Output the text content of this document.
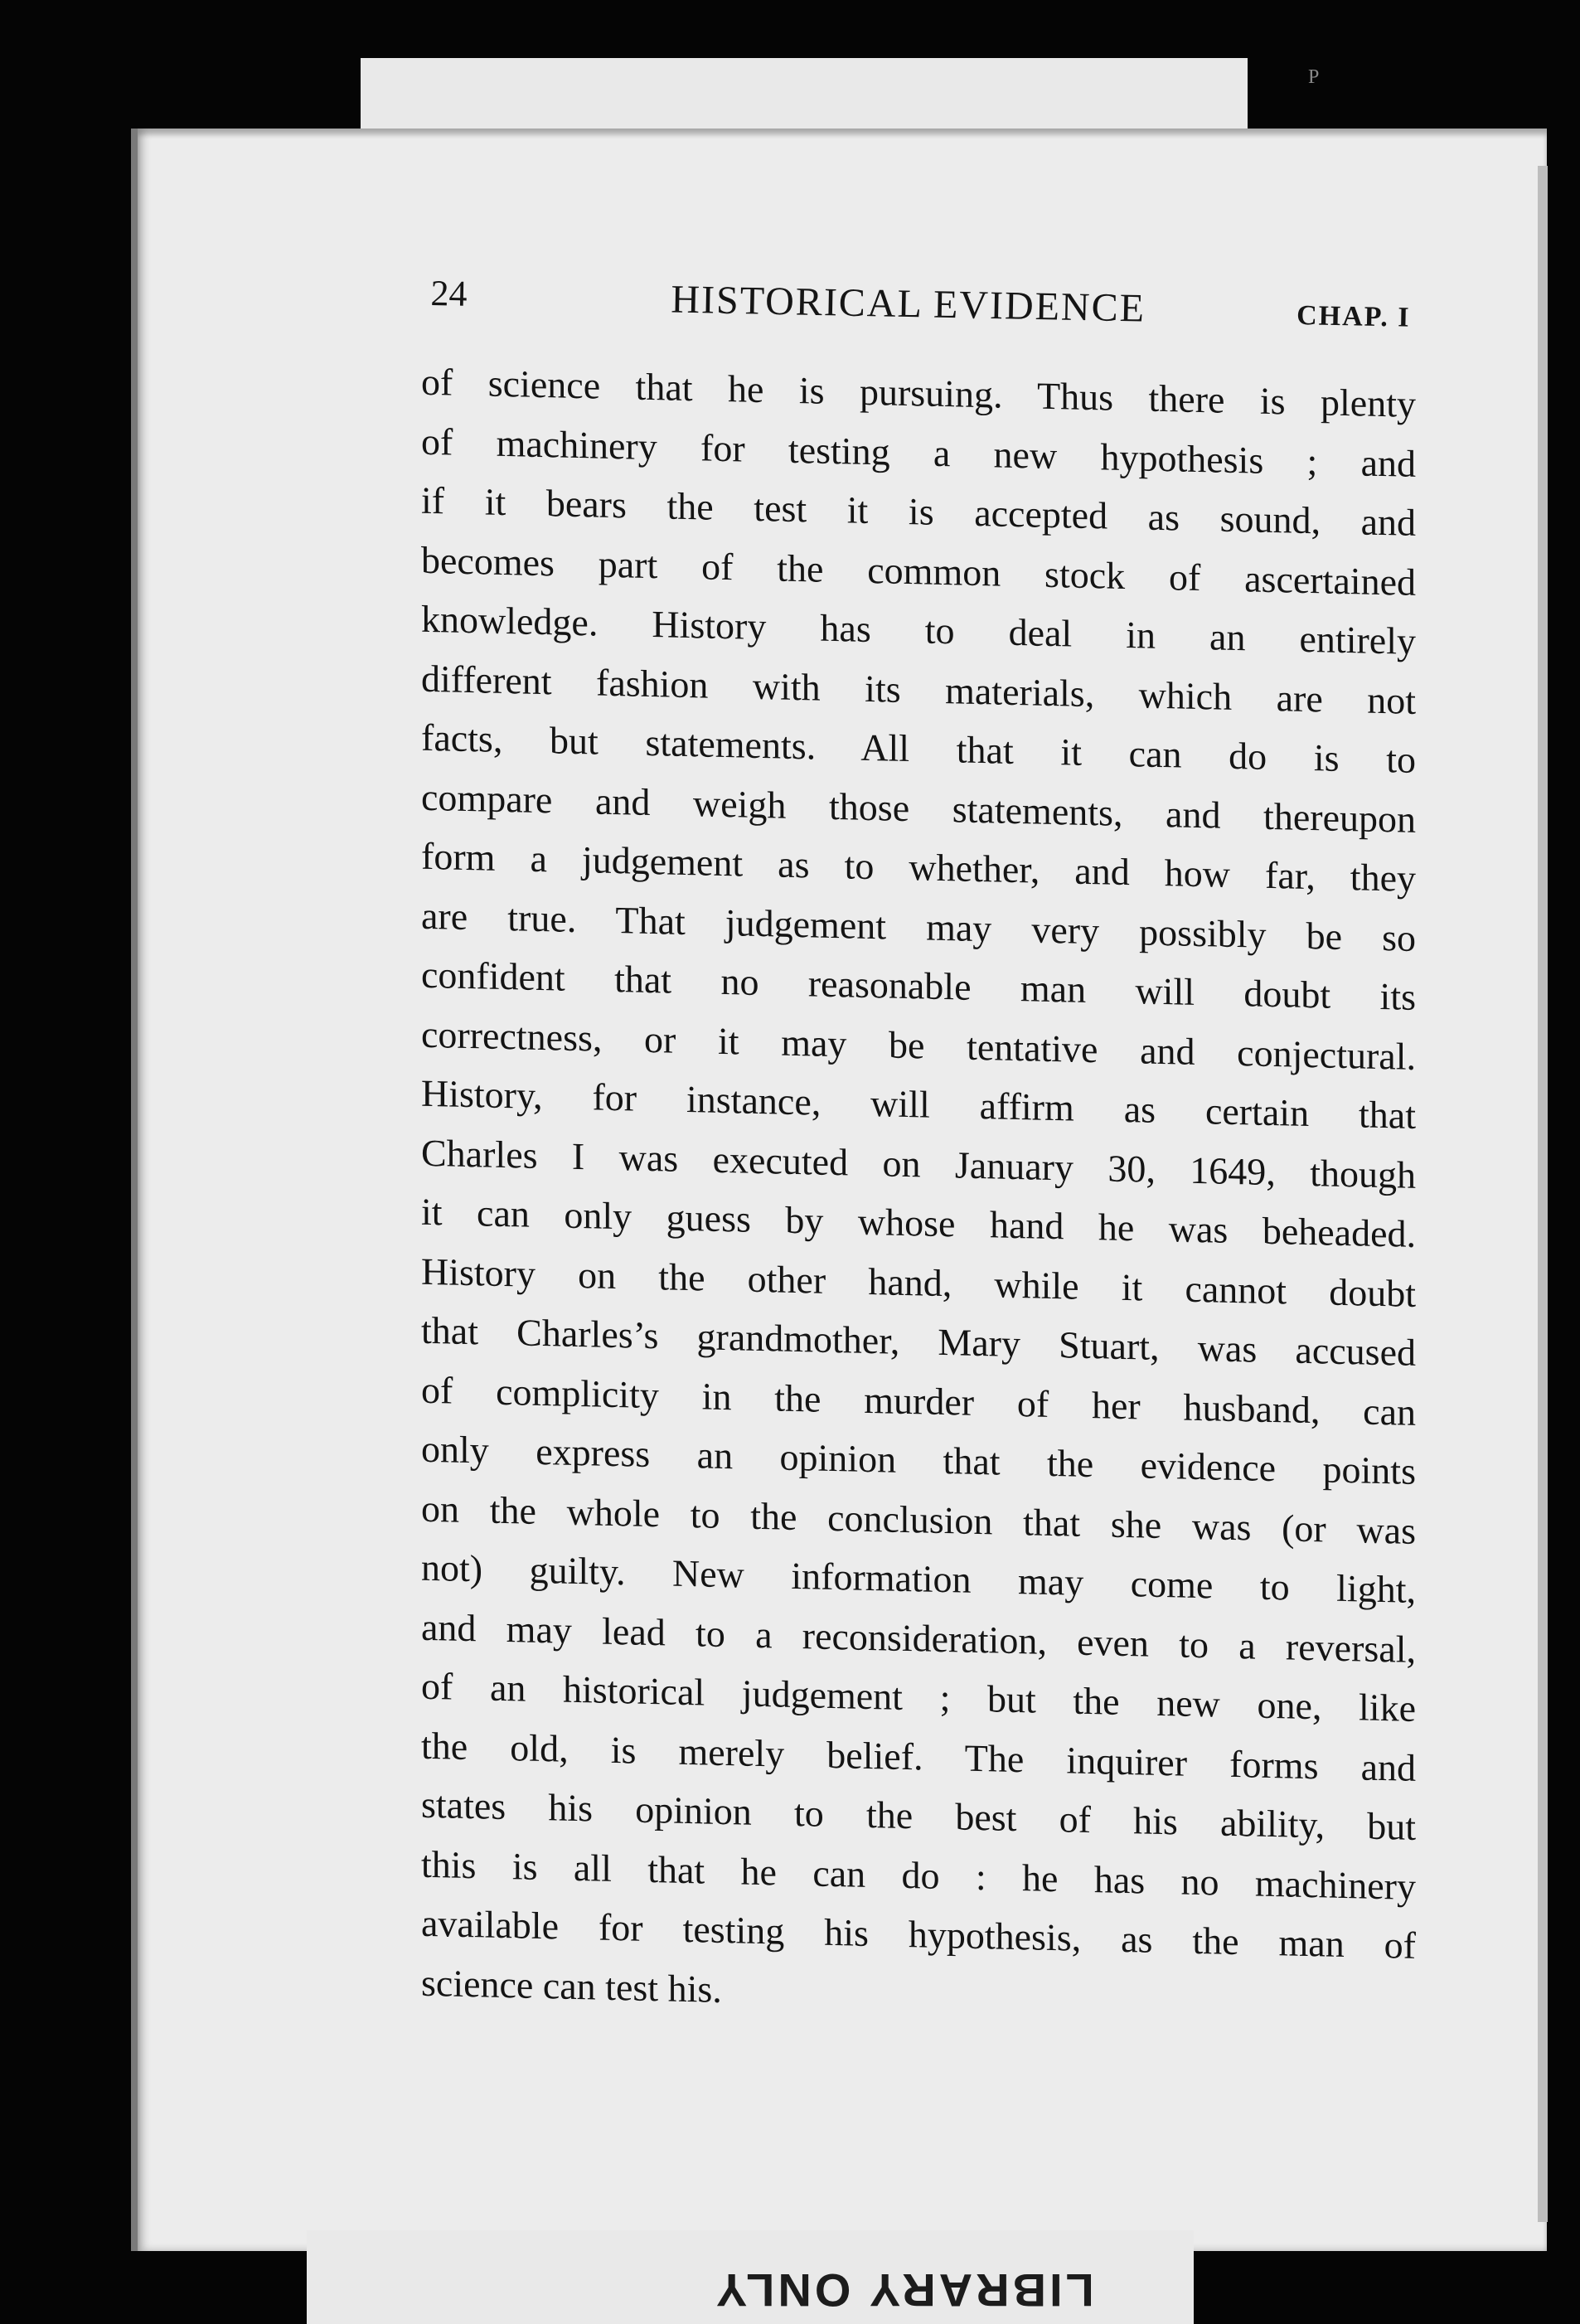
P
24	HISTORICAL EVIDENCE	CHAP. I
of science that he is pursuing. Thus there is plenty
of machinery for testing a new hypothesis ; and
if it bears the test it is accepted as sound, and
becomes part of the common stock of ascertained
knowledge. History has to deal in an entirely
different fashion with its materials, which are not
facts, but statements. All that it can do is to
compare and weigh those statements, and thereupon
form a judgement as to whether, and how far, they
are true. That judgement may very possibly be so
confident that no reasonable man will doubt its
correctness, or it may be tentative and conjectural.
History, for instance, will affirm as certain that
Charles I was executed on January 30, 1649, though
it can only guess by whose hand he was beheaded.
History on the other hand, while it cannot doubt
that Charles’s grandmother, Mary Stuart, was accused
of complicity in the murder of her husband, can
only express an opinion that the evidence points
on the whole to the conclusion that she was (or was
not) guilty. New information may come to light,
and may lead to a reconsideration, even to a reversal,
of an historical judgement ; but the new one, like
the old, is merely belief. The inquirer forms and
states his opinion to the best of his ability, but
this is all that he can do : he has no machinery
available for testing his hypothesis, as the man of
science can test his.
LIBRARY ONLY
